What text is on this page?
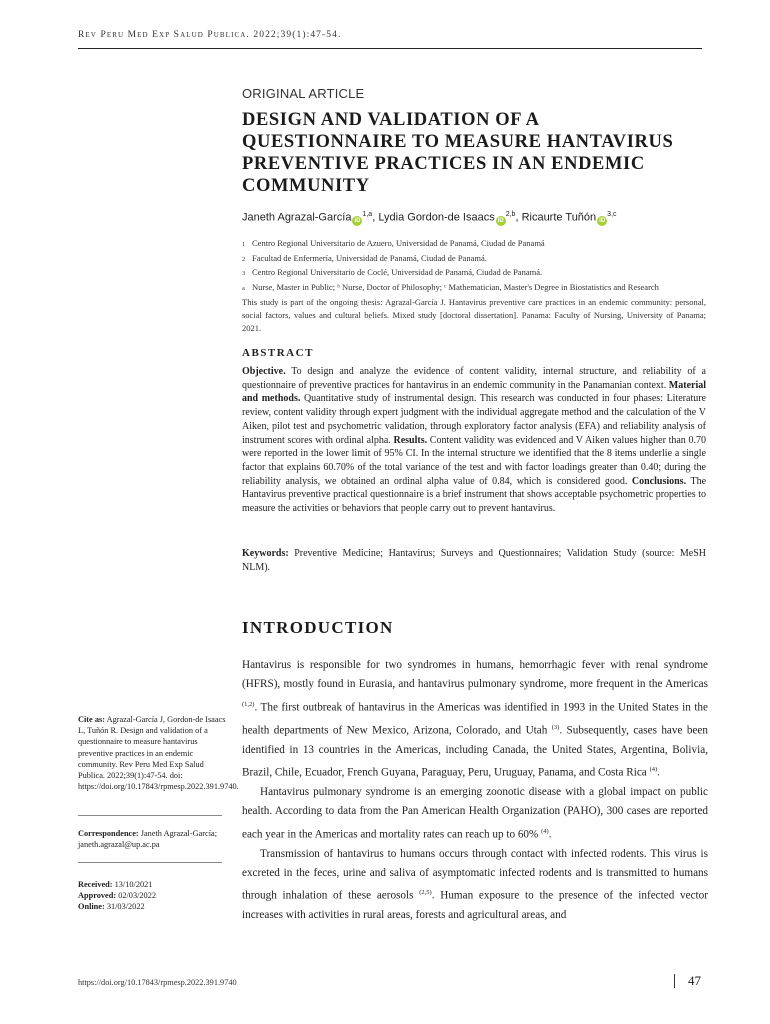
Rev Peru Med Exp Salud Publica. 2022;39(1):47-54.
ORIGINAL ARTICLE
DESIGN AND VALIDATION OF A QUESTIONNAIRE TO MEASURE HANTAVIRUS PREVENTIVE PRACTICES IN AN ENDEMIC COMMUNITY
Janeth Agrazal-García iD$^{1,a}$, Lydia Gordon-de Isaacs iD$^{2,b}$, Ricaurte Tuñón iD$^{3,c}$
1 Centro Regional Universitario de Azuero, Universidad de Panamá, Ciudad de Panamá
2 Facultad de Enfermería, Universidad de Panamá, Ciudad de Panamá.
3 Centro Regional Universitario de Coclé, Universidad de Panamá, Ciudad de Panamá.
a Nurse, Master in Public; ᵇ Nurse, Doctor of Philosophy; ᶜ Mathematician, Master's Degree in Biostatistics and Research
This study is part of the ongoing thesis: Agrazal-García J. Hantavirus preventive care practices in an endemic community: personal, social factors, values and cultural beliefs. Mixed study [doctoral dissertation]. Panama: Faculty of Nursing, University of Panama; 2021.
ABSTRACT
Objective. To design and analyze the evidence of content validity, internal structure, and reliability of a questionnaire of preventive practices for hantavirus in an endemic community in the Panamanian context. Material and methods. Quantitative study of instrumental design. This research was conducted in four phases: Literature review, content validity through expert judgment with the individual aggregate method and the calculation of the V Aiken, pilot test and psychometric validation, through exploratory factor analysis (EFA) and reliability analysis of instrument scores with ordinal alpha. Results. Content validity was evidenced and V Aiken values higher than 0.70 were reported in the lower limit of 95% CI. In the internal structure we identified that the 8 items underlie a single factor that explains 60.70% of the total variance of the test and with factor loadings greater than 0.40; during the reliability analysis, we obtained an ordinal alpha value of 0.84, which is considered good. Conclusions. The Hantavirus preventive practical questionnaire is a brief instrument that shows acceptable psychometric properties to measure the activities or behaviors that people carry out to prevent hantavirus.
Keywords: Preventive Medicine; Hantavirus; Surveys and Questionnaires; Validation Study (source: MeSH NLM).
INTRODUCTION

Hantavirus is responsible for two syndromes in humans, hemorrhagic fever with renal syndrome (HFRS), mostly found in Eurasia, and hantavirus pulmonary syndrome, more frequent in the Americas $^{(1,2)}$. The first outbreak of hantavirus in the Americas was identified in 1993 in the United States in the health departments of New Mexico, Arizona, Colorado, and Utah $^{(3)}$. Subsequently, cases have been identified in 13 countries in the Americas, including Canada, the United States, Argentina, Bolivia, Brazil, Chile, Ecuador, French Guyana, Paraguay, Peru, Uruguay, Panama, and Costa Rica $^{(4)}$.

Hantavirus pulmonary syndrome is an emerging zoonotic disease with a global impact on public health. According to data from the Pan American Health Organization (PAHO), 300 cases are reported each year in the Americas and mortality rates can reach up to 60% $^{(4)}$.

Transmission of hantavirus to humans occurs through contact with infected rodents. This virus is excreted in the feces, urine and saliva of asymptomatic infected rodents and is transmitted to humans through inhalation of these aerosols $^{(2,5)}$. Human exposure to the presence of the infected vector increases with activities in rural areas, forests and agricultural areas, and

Cite as: Agrazal-García J, Gordon-de Isaacs L, Tuñón R. Design and validation of a questionnaire to measure hantavirus preventive practices in an endemic community. Rev Peru Med Exp Salud Publica. 2022;39(1):47-54. doi: https://doi.org/10.17843/rpmesp.2022.391.9740.
Correspondence: Janeth Agrazal-García; janeth.agrazal@up.ac.pa
Received: 13/10/2021
Approved: 02/03/2022
Online: 31/03/2022
https://doi.org/10.17843/rpmesp.2022.391.9740	47
